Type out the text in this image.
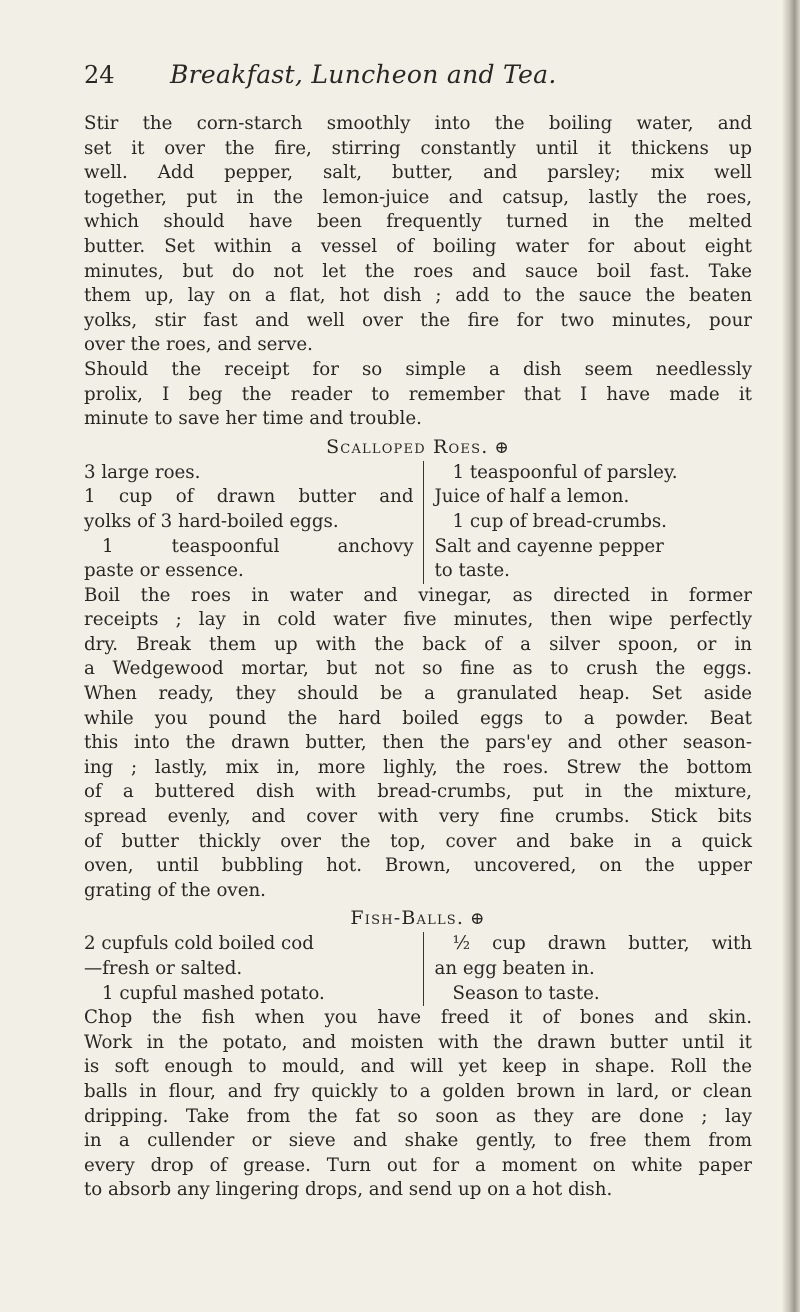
24	Breakfast, Luncheon and Tea.

Stir the corn-starch smoothly into the boiling water, and
set it over the fire, stirring constantly until it thickens up
well. Add pepper, salt, butter, and parsley; mix well
together, put in the lemon-juice and catsup, lastly the roes,
which should have been frequently turned in the melted
butter. Set within a vessel of boiling water for about eight
minutes, but do not let the roes and sauce boil fast. Take
them up, lay on a flat, hot dish ; add to the sauce the beaten
yolks, stir fast and well over the fire for two minutes, pour
over the roes, and serve.

Should the receipt for so simple a dish seem needlessly
prolix, I beg the reader to remember that I have made it
minute to save her time and trouble.

Scalloped Roes. ⊕
3 large roes.
1 cup of drawn butter and
yolks of 3 hard-boiled eggs.
1 teaspoonful anchovy
paste or essence.
1 teaspoonful of parsley.
Juice of half a lemon.
1 cup of bread-crumbs.
Salt and cayenne pepper
to taste.

Boil the roes in water and vinegar, as directed in former
receipts ; lay in cold water five minutes, then wipe perfectly
dry. Break them up with the back of a silver spoon, or in
a Wedgewood mortar, but not so fine as to crush the eggs.
When ready, they should be a granulated heap. Set aside
while you pound the hard boiled eggs to a powder. Beat
this into the drawn butter, then the pars'ey and other season-
ing ; lastly, mix in, more lighly, the roes. Strew the bottom
of a buttered dish with bread-crumbs, put in the mixture,
spread evenly, and cover with very fine crumbs. Stick bits
of butter thickly over the top, cover and bake in a quick
oven, until bubbling hot. Brown, uncovered, on the upper
grating of the oven.

Fish-Balls. ⊕
2 cupfuls cold boiled cod
—fresh or salted.
1 cupful mashed potato.
½ cup drawn butter, with
an egg beaten in.
Season to taste.

Chop the fish when you have freed it of bones and skin.
Work in the potato, and moisten with the drawn butter until it
is soft enough to mould, and will yet keep in shape. Roll the
balls in flour, and fry quickly to a golden brown in lard, or clean
dripping. Take from the fat so soon as they are done ; lay
in a cullender or sieve and shake gently, to free them from
every drop of grease. Turn out for a moment on white paper
to absorb any lingering drops, and send up on a hot dish.
